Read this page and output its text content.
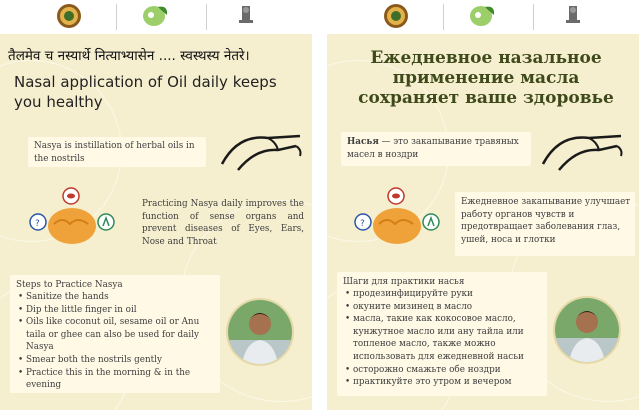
तैलमेव च नस्यार्थे नित्याभ्यासेन .... स्वस्थस्य नेतरे।
Nasal application of Oil daily keeps you healthy
Nasya is instillation of herbal oils in the nostrils
?
Practicing Nasya daily improves the function of sense organs and prevent diseases of Eyes, Ears, Nose and Throat
Steps to Practice Nasya
• Sanitize the hands
• Dip the little finger in oil
• Oils like coconut oil, sesame oil or Anu taila or ghee can also be used for daily Nasya
• Smear both the nostrils gently
• Practice this in the morning & in the evening
Ежедневное назальное применение масла сохраняет ваше здоровье
Насья — это закапывание травяных масел в ноздри
?
Ежедневное закапывание улучшает работу органов чувств и предотвращает заболевания глаз, ушей, носа и глотки
Шаги для практики насья
• продезинфицируйте руки
• окуните мизинец в масло
• масла, такие как кокосовое масло, кунжутное масло или ану тайла или топленое масло, также можно использовать для ежедневной насьи
• осторожно смажьте обе ноздри
• практикуйте это утром и вечером
